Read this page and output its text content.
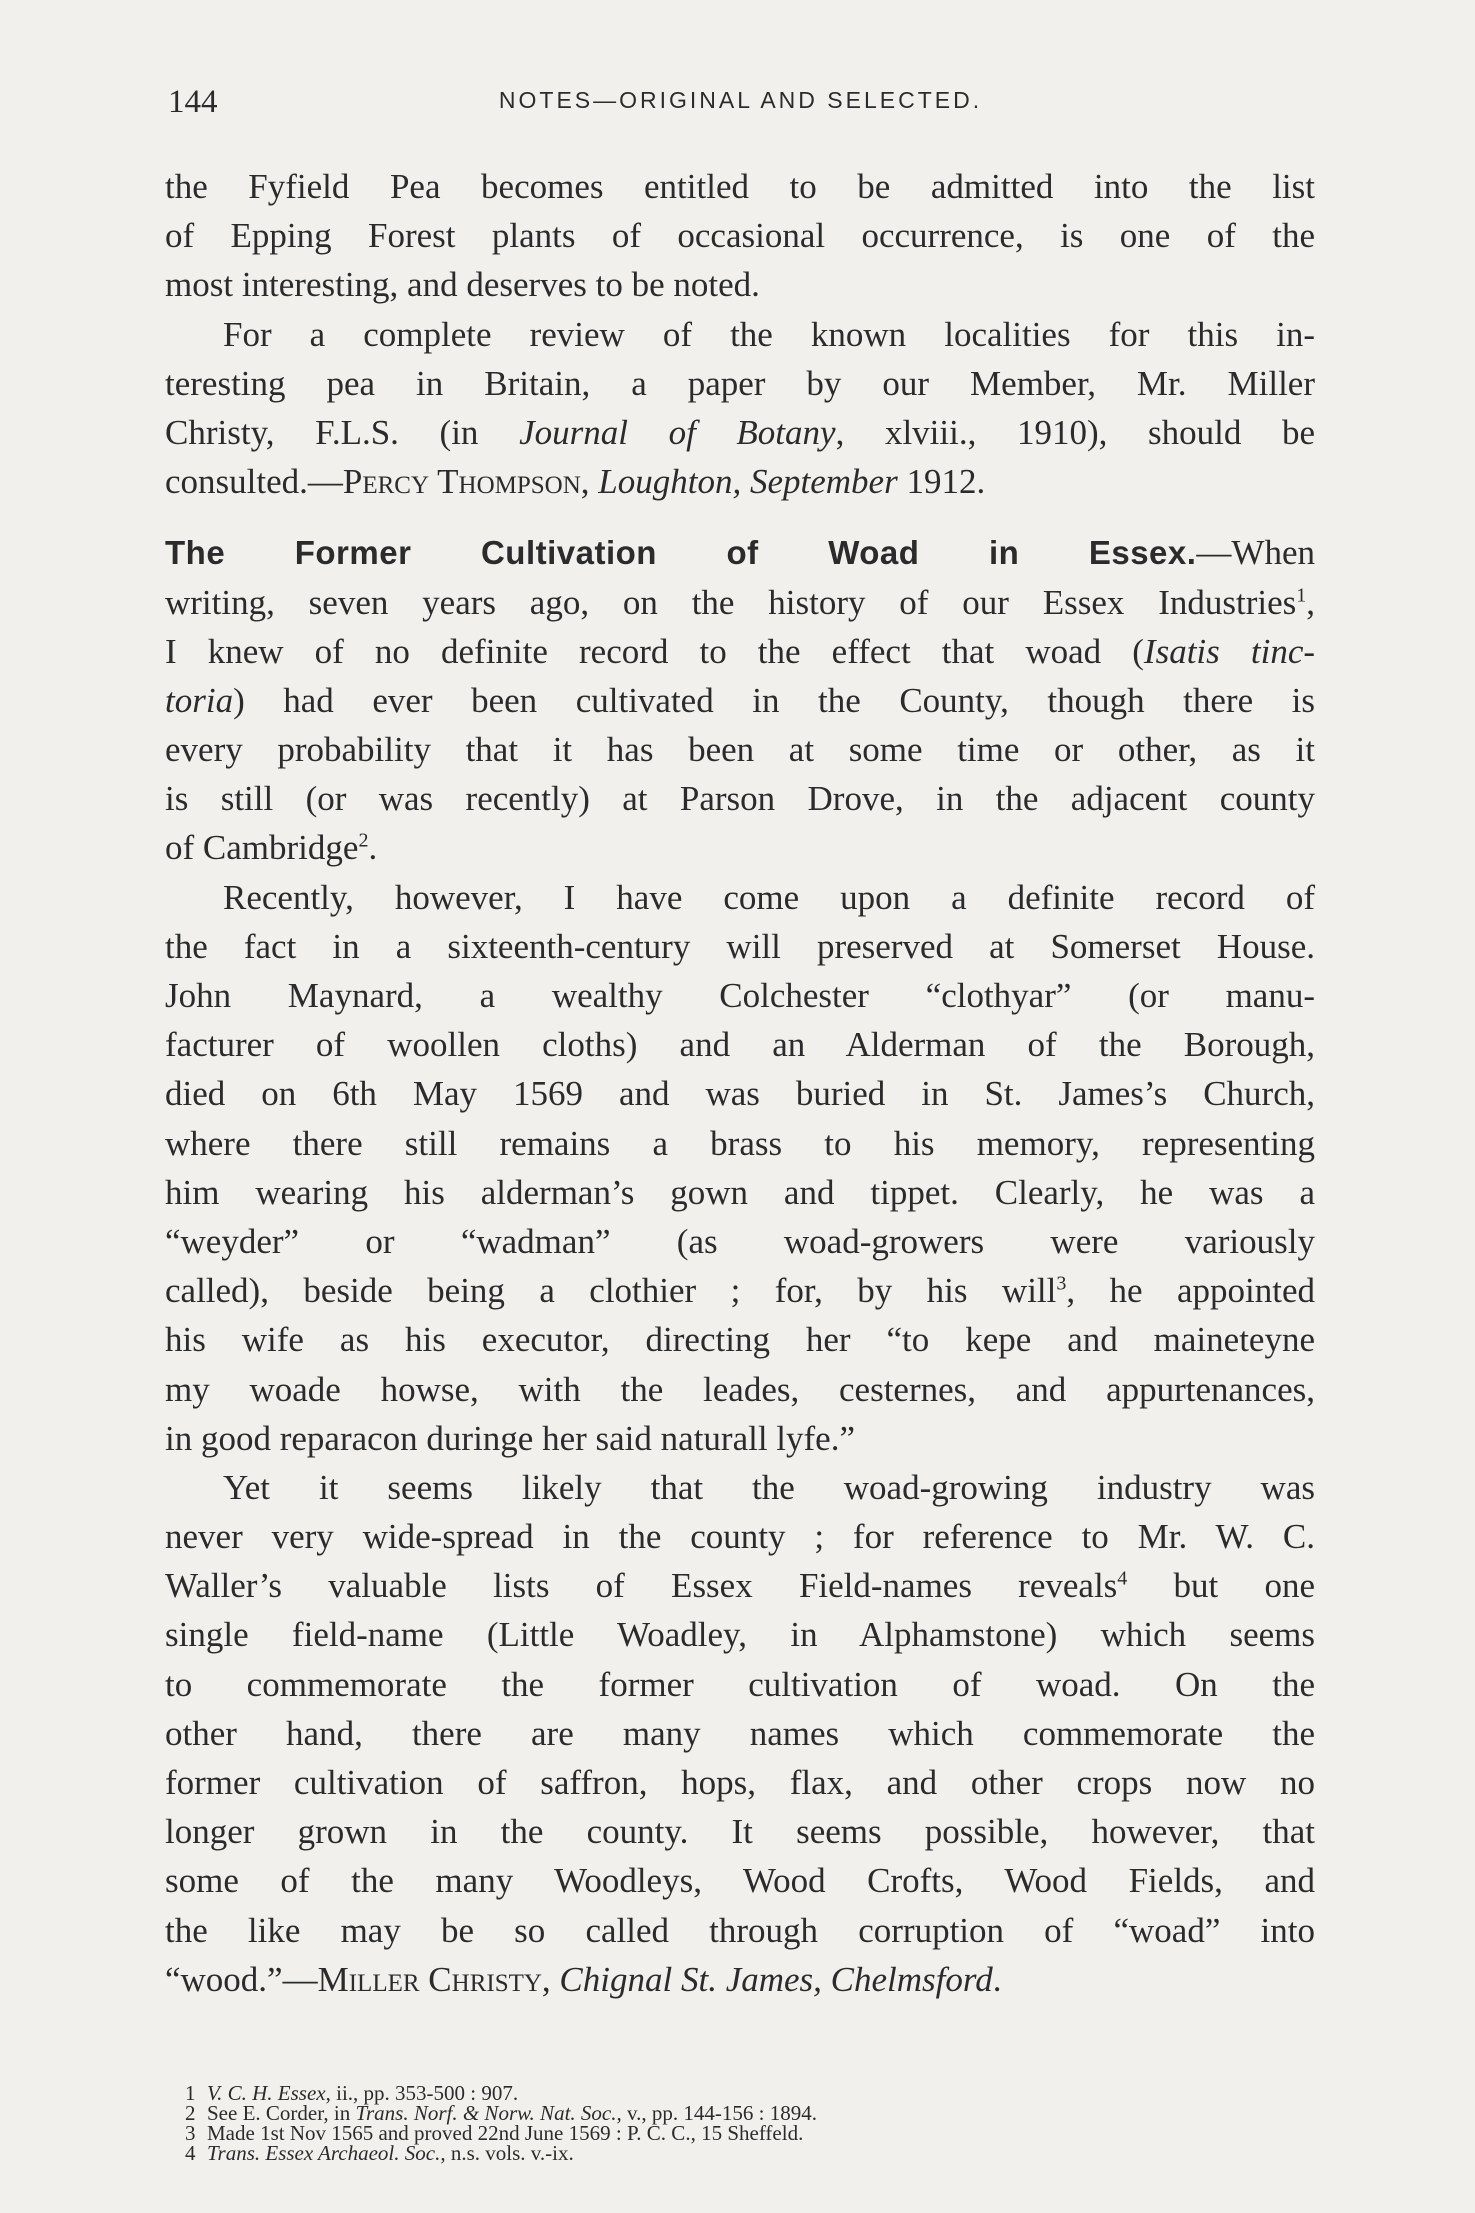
144	NOTES—ORIGINAL AND SELECTED.
the Fyfield Pea becomes entitled to be admitted into the list
of Epping Forest plants of occasional occurrence, is one of the
most interesting, and deserves to be noted.
For a complete review of the known localities for this in-
teresting pea in Britain, a paper by our Member, Mr. Miller
Christy, F.L.S. (in Journal of Botany, xlviii., 1910), should be
consulted.—Percy Thompson, Loughton, September 1912.
The Former Cultivation of Woad in Essex.—When
writing, seven years ago, on the history of our Essex Industries$^1$,
I knew of no definite record to the effect that woad (Isatis tinc-
toria) had ever been cultivated in the County, though there is
every probability that it has been at some time or other, as it
is still (or was recently) at Parson Drove, in the adjacent county
of Cambridge$^2$.
Recently, however, I have come upon a definite record of
the fact in a sixteenth-century will preserved at Somerset House.
John Maynard, a wealthy Colchester “clothyar” (or manu-
facturer of woollen cloths) and an Alderman of the Borough,
died on 6th May 1569 and was buried in St. James’s Church,
where there still remains a brass to his memory, representing
him wearing his alderman’s gown and tippet. Clearly, he was a
“weyder” or “wadman” (as woad-growers were variously
called), beside being a clothier ; for, by his will$^3$, he appointed
his wife as his executor, directing her “to kepe and maineteyne
my woade howse, with the leades, cesternes, and appurtenances,
in good reparacon duringe her said naturall lyfe.”
Yet it seems likely that the woad-growing industry was
never very wide-spread in the county ; for reference to Mr. W. C.
Waller’s valuable lists of Essex Field-names reveals$^4$ but one
single field-name (Little Woadley, in Alphamstone) which seems
to commemorate the former cultivation of woad. On the
other hand, there are many names which commemorate the
former cultivation of saffron, hops, flax, and other crops now no
longer grown in the county. It seems possible, however, that
some of the many Woodleys, Wood Crofts, Wood Fields, and
the like may be so called through corruption of “woad” into
“wood.”—Miller Christy, Chignal St. James, Chelmsford.
1 V. C. H. Essex, ii., pp. 353-500 : 907.
2 See E. Corder, in Trans. Norf. & Norw. Nat. Soc., v., pp. 144-156 : 1894.
3 Made 1st Nov 1565 and proved 22nd June 1569 : P. C. C., 15 Sheffeld.
4 Trans. Essex Archaeol. Soc., n.s. vols. v.-ix.
